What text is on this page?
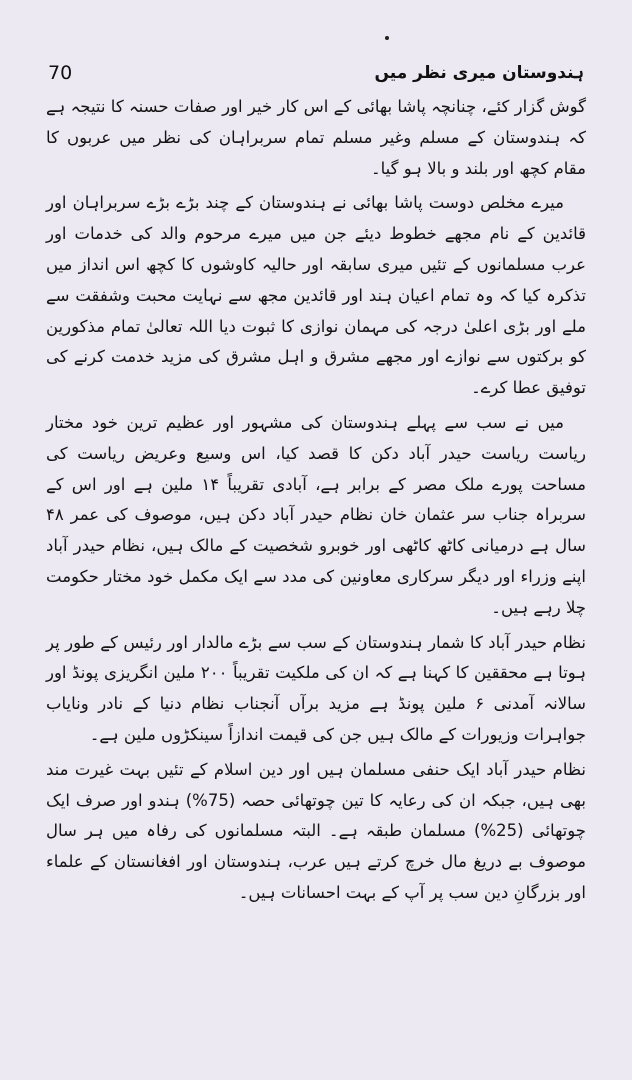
70	ہندوستان میری نظر میں

گوش گزار کئے، چنانچہ پاشا بھائی کے اس کار خیر اور صفات حسنہ کا نتیجہ ہے کہ ہندوستان کے مسلم وغیر مسلم تمام سربراہان کی نظر میں عربوں کا مقام کچھ اور بلند و بالا ہو گیا۔

میرے مخلص دوست پاشا بھائی نے ہندوستان کے چند بڑے بڑے سربراہان اور قائدین کے نام مجھے خطوط دیئے جن میں میرے مرحوم والد کی خدمات اور عرب مسلمانوں کے تئیں میری سابقہ اور حالیہ کاوشوں کا کچھ اس انداز میں تذکرہ کیا کہ وہ تمام اعیان ہند اور قائدین مجھ سے نہایت محبت وشفقت سے ملے اور بڑی اعلیٰ درجہ کی مہمان نوازی کا ثبوت دیا اللہ تعالیٰ تمام مذکورین کو برکتوں سے نوازے اور مجھے مشرق و اہل مشرق کی مزید خدمت کرنے کی توفیق عطا کرے۔

میں نے سب سے پہلے ہندوستان کی مشہور اور عظیم ترین خود مختار ریاست ریاست حیدر آباد دکن کا قصد کیا، اس وسیع وعریض ریاست کی مساحت پورے ملک مصر کے برابر ہے، آبادی تقریباً ۱۴ ملین ہے اور اس کے سربراہ جناب سر عثمان خان نظام حیدر آباد دکن ہیں، موصوف کی عمر ۴۸ سال ہے درمیانی کاٹھ کاٹھی اور خوبرو شخصیت کے مالک ہیں، نظام حیدر آباد اپنے وزراء اور دیگر سرکاری معاونین کی مدد سے ایک مکمل خود مختار حکومت چلا رہے ہیں۔

نظام حیدر آباد کا شمار ہندوستان کے سب سے بڑے مالدار اور رئیس کے طور پر ہوتا ہے محققین کا کہنا ہے کہ ان کی ملکیت تقریباً ۲۰۰ ملین انگریزی پونڈ اور سالانہ آمدنی ۶ ملین پونڈ ہے مزید برآں آنجناب نظام دنیا کے نادر ونایاب جواہرات وزیورات کے مالک ہیں جن کی قیمت اندازاً سینکڑوں ملین ہے۔

نظام حیدر آباد ایک حنفی مسلمان ہیں اور دین اسلام کے تئیں بہت غیرت مند بھی ہیں، جبکہ ان کی رعایہ کا تین چوتھائی حصہ (75%) ہندو اور صرف ایک چوتھائی (25%) مسلمان طبقہ ہے۔ البتہ مسلمانوں کی رفاہ میں ہر سال موصوف بے دریغ مال خرچ کرتے ہیں عرب، ہندوستان اور افغانستان کے علماء اور بزرگانِ دین سب پر آپ کے بہت احسانات ہیں۔
